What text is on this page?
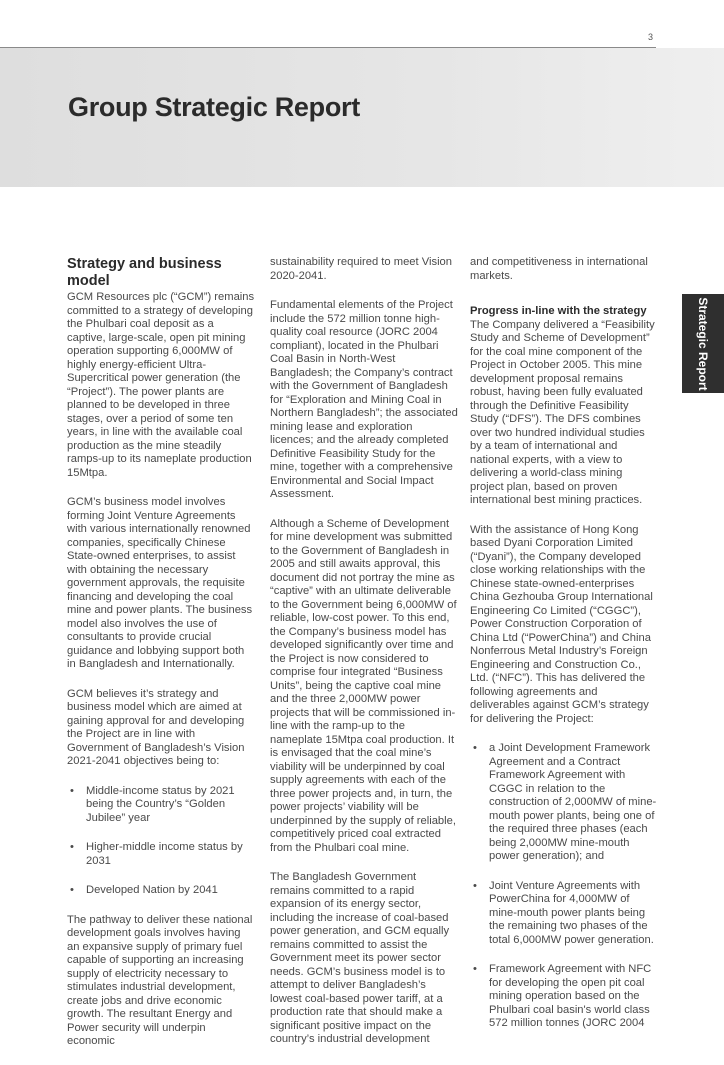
3
Group Strategic Report
Strategic Report
Strategy and business model

GCM Resources plc (“GCM”) remains committed to a strategy of developing the Phulbari coal deposit as a captive, large-scale, open pit mining operation supporting 6,000MW of highly energy-efficient Ultra-Supercritical power generation (the “Project”). The power plants are planned to be developed in three stages, over a period of some ten years, in line with the available coal production as the mine steadily ramps-up to its nameplate production 15Mtpa.

GCM’s business model involves forming Joint Venture Agreements with various internationally renowned companies, specifically Chinese State-owned enterprises, to assist with obtaining the necessary government approvals, the requisite financing and developing the coal mine and power plants. The business model also involves the use of consultants to provide crucial guidance and lobbying support both in Bangladesh and Internationally.

GCM believes it’s strategy and business model which are aimed at gaining approval for and developing the Project are in line with Government of Bangladesh’s Vision 2021-2041 objectives being to:

• Middle-income status by 2021 being the Country’s “Golden Jubilee” year
• Higher-middle income status by 2031
• Developed Nation by 2041

The pathway to deliver these national development goals involves having an expansive supply of primary fuel capable of supporting an increasing supply of electricity necessary to stimulates industrial development, create jobs and drive economic growth. The resultant Energy and Power security will underpin economic

sustainability required to meet Vision 2020-2041.

Fundamental elements of the Project include the 572 million tonne high-quality coal resource (JORC 2004 compliant), located in the Phulbari Coal Basin in North-West Bangladesh; the Company’s contract with the Government of Bangladesh for “Exploration and Mining Coal in Northern Bangladesh”; the associated mining lease and exploration licences; and the already completed Definitive Feasibility Study for the mine, together with a comprehensive Environmental and Social Impact Assessment.

Although a Scheme of Development for mine development was submitted to the Government of Bangladesh in 2005 and still awaits approval, this document did not portray the mine as “captive” with an ultimate deliverable to the Government being 6,000MW of reliable, low-cost power. To this end, the Company’s business model has developed significantly over time and the Project is now considered to comprise four integrated “Business Units”, being the captive coal mine and the three 2,000MW power projects that will be commissioned in-line with the ramp-up to the nameplate 15Mtpa coal production. It is envisaged that the coal mine’s viability will be underpinned by coal supply agreements with each of the three power projects and, in turn, the power projects’ viability will be underpinned by the supply of reliable, competitively priced coal extracted from the Phulbari coal mine.

The Bangladesh Government remains committed to a rapid expansion of its energy sector, including the increase of coal-based power generation, and GCM equally remains committed to assist the Government meet its power sector needs. GCM’s business model is to attempt to deliver Bangladesh’s lowest coal-based power tariff, at a production rate that should make a significant positive impact on the country’s industrial development

and competitiveness in international markets.

Progress in-line with the strategy

The Company delivered a “Feasibility Study and Scheme of Development” for the coal mine component of the Project in October 2005. This mine development proposal remains robust, having been fully evaluated through the Definitive Feasibility Study (“DFS”). The DFS combines over two hundred individual studies by a team of international and national experts, with a view to delivering a world-class mining project plan, based on proven international best mining practices.

With the assistance of Hong Kong based Dyani Corporation Limited (“Dyani”), the Company developed close working relationships with the Chinese state-owned-enterprises China Gezhouba Group International Engineering Co Limited (“CGGC”), Power Construction Corporation of China Ltd (“PowerChina”) and China Nonferrous Metal Industry’s Foreign Engineering and Construction Co., Ltd. (“NFC”). This has delivered the following agreements and deliverables against GCM’s strategy for delivering the Project:

• a Joint Development Framework Agreement and a Contract Framework Agreement with CGGC in relation to the construction of 2,000MW of mine-mouth power plants, being one of the required three phases (each being 2,000MW mine-mouth power generation); and
• Joint Venture Agreements with PowerChina for 4,000MW of mine-mouth power plants being the remaining two phases of the total 6,000MW power generation.
• Framework Agreement with NFC for developing the open pit coal mining operation based on the Phulbari coal basin's world class 572 million tonnes (JORC 2004
